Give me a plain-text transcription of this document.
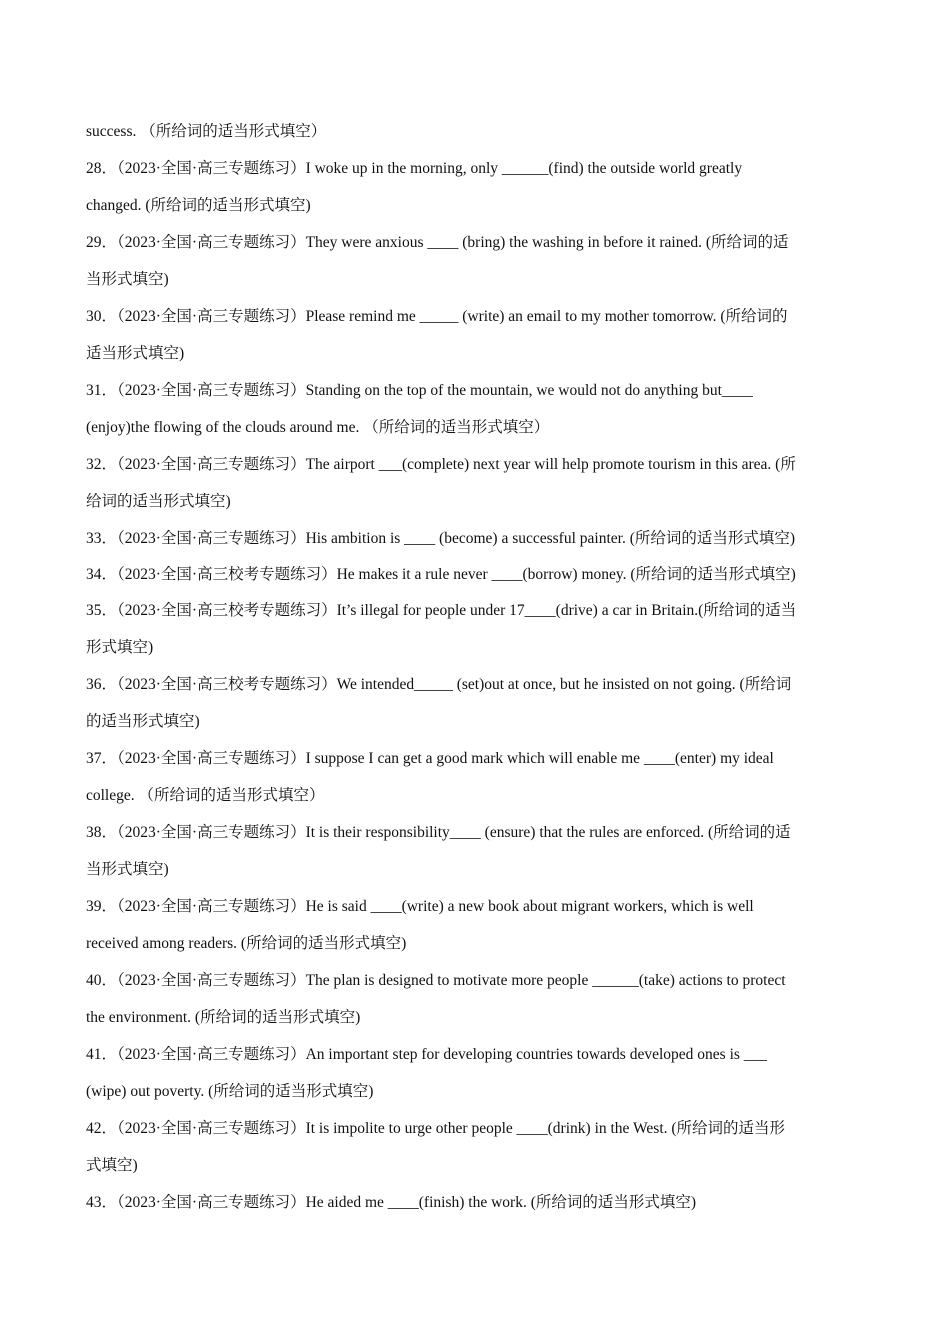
success. （所给词的适当形式填空）
28．（2023·全国·高三专题练习）I woke up in the morning, only ______(find) the outside world greatly
changed. (所给词的适当形式填空)
29．（2023·全国·高三专题练习）They were anxious ____ (bring) the washing in before it rained. (所给词的适
当形式填空)
30．（2023·全国·高三专题练习）Please remind me _____ (write) an email to my mother tomorrow. (所给词的
适当形式填空)
31．（2023·全国·高三专题练习）Standing on the top of the mountain, we would not do anything but____
(enjoy)the flowing of the clouds around me. （所给词的适当形式填空）
32．（2023·全国·高三专题练习）The airport ___(complete) next year will help promote tourism in this area. (所
给词的适当形式填空)
33．（2023·全国·高三专题练习）His ambition is ____ (become) a successful painter. (所给词的适当形式填空)
34．（2023·全国·高三校考专题练习）He makes it a rule never ____(borrow) money. (所给词的适当形式填空)
35．（2023·全国·高三校考专题练习）It’s illegal for people under 17____(drive) a car in Britain.(所给词的适当
形式填空)
36．（2023·全国·高三校考专题练习）We intended_____ (set)out at once, but he insisted on not going. (所给词
的适当形式填空)
37．（2023·全国·高三专题练习）I suppose I can get a good mark which will enable me ____(enter) my ideal
college. （所给词的适当形式填空）
38．（2023·全国·高三专题练习）It is their responsibility____ (ensure) that the rules are enforced. (所给词的适
当形式填空)
39．（2023·全国·高三专题练习）He is said ____(write) a new book about migrant workers, which is well
received among readers. (所给词的适当形式填空)
40．（2023·全国·高三专题练习）The plan is designed to motivate more people ______(take) actions to protect
the environment. (所给词的适当形式填空)
41．（2023·全国·高三专题练习）An important step for developing countries towards developed ones is ___
(wipe) out poverty. (所给词的适当形式填空)
42．（2023·全国·高三专题练习）It is impolite to urge other people ____(drink) in the West. (所给词的适当形
式填空)
43．（2023·全国·高三专题练习）He aided me ____(finish) the work. (所给词的适当形式填空)
